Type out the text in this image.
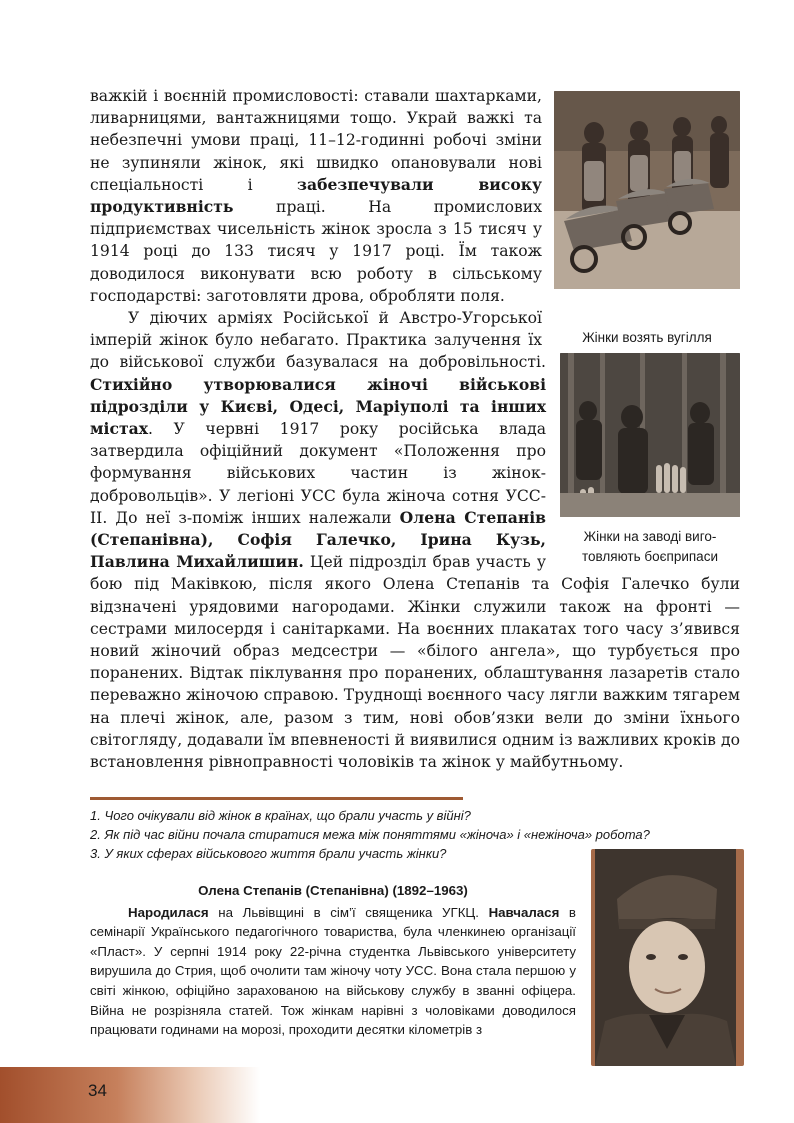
важкій і воєнній промисловості: ставали шахтарками, ливарницями, вантажницями тощо. Украй важкі та небезпечні умови праці, 11–12-годинні робочі зміни не зупиняли жінок, які швидко опановували нові спеціальності і забезпечували високу продуктивність праці. На промислових підприємствах чисельність жінок зросла з 15 тисяч у 1914 році до 133 тисяч у 1917 році. Їм також доводилося виконувати всю роботу в сільському господарстві: заготовляти дрова, обробляти поля.

Жінки возять вугілля
Жінки на заводі виго-товляють боєприпаси

У діючих арміях Російської й Австро-Угорської імперій жінок було небагато. Практика залучення їх до військової служби базувалася на добровільності. Стихійно утворювалися жіночі військові підрозділи у Києві, Одесі, Маріуполі та інших містах. У червні 1917 року російська влада затвердила офіційний документ «Положення про формування військових частин із жінок-добровольців». У легіоні УСС була жіноча сотня УСС-II. До неї з-поміж інших належали Олена Степанів (Степанівна), Софія Галечко, Ірина Кузь, Павлина Михайлишин. Цей підрозділ брав участь у бою під Маківкою, після якого Олена Степанів та Софія Галечко були відзначені урядовими нагородами. Жінки служили також на фронті — сестрами милосердя і санітарками. На воєнних плакатах того часу з’явився новий жіночий образ медсестри — «білого ангела», що турбується про поранених. Відтак піклування про поранених, облаштування лазаретів стало переважно жіночою справою. Труднощі воєнного часу лягли важким тягарем на плечі жінок, але, разом з тим, нові обов’язки вели до зміни їхнього світогляду, додавали їм впевненості й виявилися одним із важливих кроків до встановлення рівноправності чоловіків та жінок у майбутньому.

1. Чого очікували від жінок в країнах, що брали участь у війні?
2. Як під час війни почала стиратися межа між поняттями «жіноча» і «нежіноча» робота?
3. У яких сферах військового життя брали участь жінки?
Олена Степанів (Степанівна) (1892–1963)

Народилася на Львівщині в сім’ї священика УГКЦ. Навчалася в семінарії Українського педагогічного товариства, була членкинею організації «Пласт». У серпні 1914 року 22-річна студентка Львівського університету вирушила до Стрия, щоб очолити там жіночу чоту УСС. Вона стала першою у світі жінкою, офіційно зарахованою на військову службу в званні офіцера. Війна не розрізняла статей. Тож жінкам нарівні з чоловіками доводилося працювати годинами на морозі, проходити десятки кілометрів з

34
